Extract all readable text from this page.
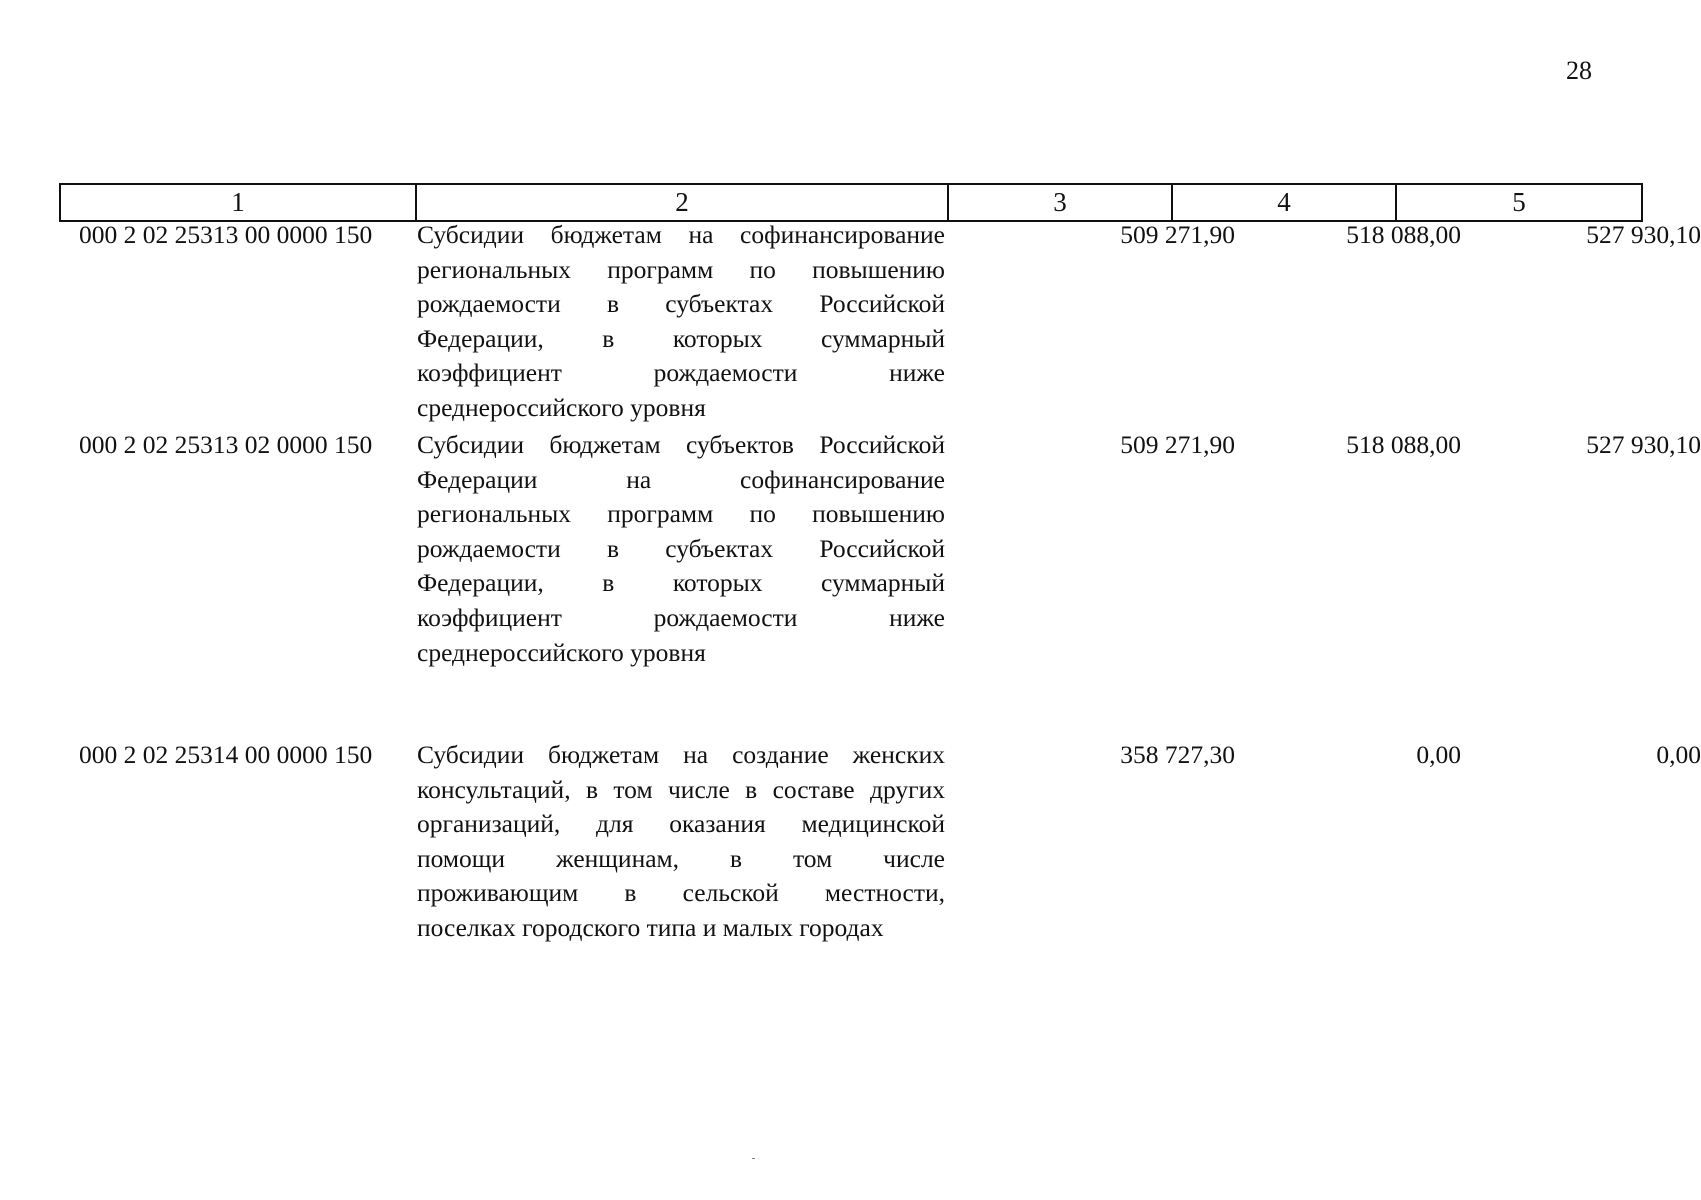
28
1	2	3	4	5
000 2 02 25313 00 0000 150	Субсидии бюджетам на софинансирование
региональных программ по повышению
рождаемости в субъектах Российской
Федерации, в которых суммарный
коэффициент рождаемости ниже
среднероссийского уровня
509 271,90	518 088,00	527 930,10
000 2 02 25313 02 0000 150	Субсидии бюджетам субъектов Российской
Федерации на софинансирование
региональных программ по повышению
рождаемости в субъектах Российской
Федерации, в которых суммарный
коэффициент рождаемости ниже
среднероссийского уровня
509 271,90	518 088,00	527 930,10
000 2 02 25314 00 0000 150	Субсидии бюджетам на создание женских
консультаций, в том числе в составе других
организаций, для оказания медицинской
помощи женщинам, в том числе
проживающим в сельской местности,
поселках городского типа и малых городах
358 727,30	0,00	0,00
